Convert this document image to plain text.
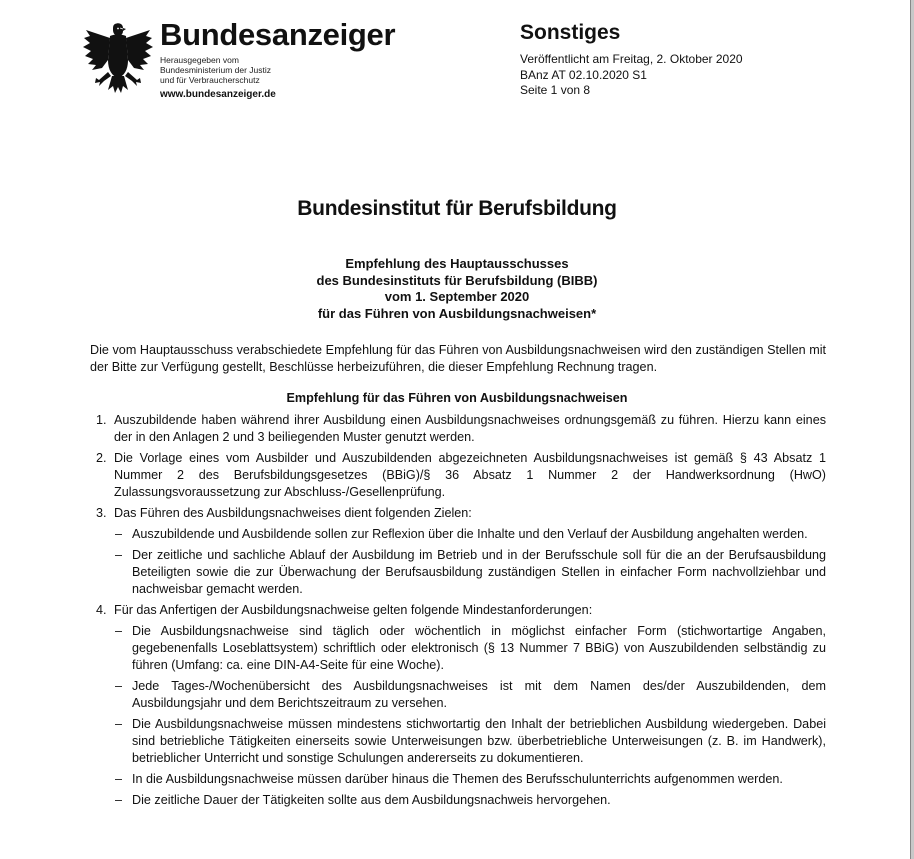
Bundesanzeiger
Herausgegeben vom
Bundesministerium der Justiz
und für Verbraucherschutz
www.bundesanzeiger.de
Sonstiges
Veröffentlicht am Freitag, 2. Oktober 2020
BAnz AT 02.10.2020 S1
Seite 1 von 8
Bundesinstitut für Berufsbildung
Empfehlung des Hauptausschusses
des Bundesinstituts für Berufsbildung (BIBB)
vom 1. September 2020
für das Führen von Ausbildungsnachweisen*
Die vom Hauptausschuss verabschiedete Empfehlung für das Führen von Ausbildungsnachweisen wird den zuständigen Stellen mit der Bitte zur Verfügung gestellt, Beschlüsse herbeizuführen, die dieser Empfehlung Rechnung tragen.
Empfehlung für das Führen von Ausbildungsnachweisen
1. Auszubildende haben während ihrer Ausbildung einen Ausbildungsnachweises ordnungsgemäß zu führen. Hierzu kann eines der in den Anlagen 2 und 3 beiliegenden Muster genutzt werden.
2. Die Vorlage eines vom Ausbilder und Auszubildenden abgezeichneten Ausbildungsnachweises ist gemäß § 43 Absatz 1 Nummer 2 des Berufsbildungsgesetzes (BBiG)/§ 36 Absatz 1 Nummer 2 der Handwerksordnung (HwO) Zulassungsvoraussetzung zur Abschluss-/Gesellenprüfung.
3. Das Führen des Ausbildungsnachweises dient folgenden Zielen:
– Auszubildende und Ausbildende sollen zur Reflexion über die Inhalte und den Verlauf der Ausbildung angehalten werden.
– Der zeitliche und sachliche Ablauf der Ausbildung im Betrieb und in der Berufsschule soll für die an der Berufsausbildung Beteiligten sowie die zur Überwachung der Berufsausbildung zuständigen Stellen in einfacher Form nachvollziehbar und nachweisbar gemacht werden.
4. Für das Anfertigen der Ausbildungsnachweise gelten folgende Mindestanforderungen:
– Die Ausbildungsnachweise sind täglich oder wöchentlich in möglichst einfacher Form (stichwortartige Angaben, gegebenenfalls Loseblattsystem) schriftlich oder elektronisch (§ 13 Nummer 7 BBiG) von Auszubildenden selbständig zu führen (Umfang: ca. eine DIN-A4-Seite für eine Woche).
– Jede Tages-/Wochenübersicht des Ausbildungsnachweises ist mit dem Namen des/der Auszubildenden, dem Ausbildungsjahr und dem Berichtszeitraum zu versehen.
– Die Ausbildungsnachweise müssen mindestens stichwortartig den Inhalt der betrieblichen Ausbildung wiedergeben. Dabei sind betriebliche Tätigkeiten einerseits sowie Unterweisungen bzw. überbetriebliche Unterweisungen (z. B. im Handwerk), betrieblicher Unterricht und sonstige Schulungen andererseits zu dokumentieren.
– In die Ausbildungsnachweise müssen darüber hinaus die Themen des Berufsschulunterrichts aufgenommen werden.
– Die zeitliche Dauer der Tätigkeiten sollte aus dem Ausbildungsnachweis hervorgehen.
